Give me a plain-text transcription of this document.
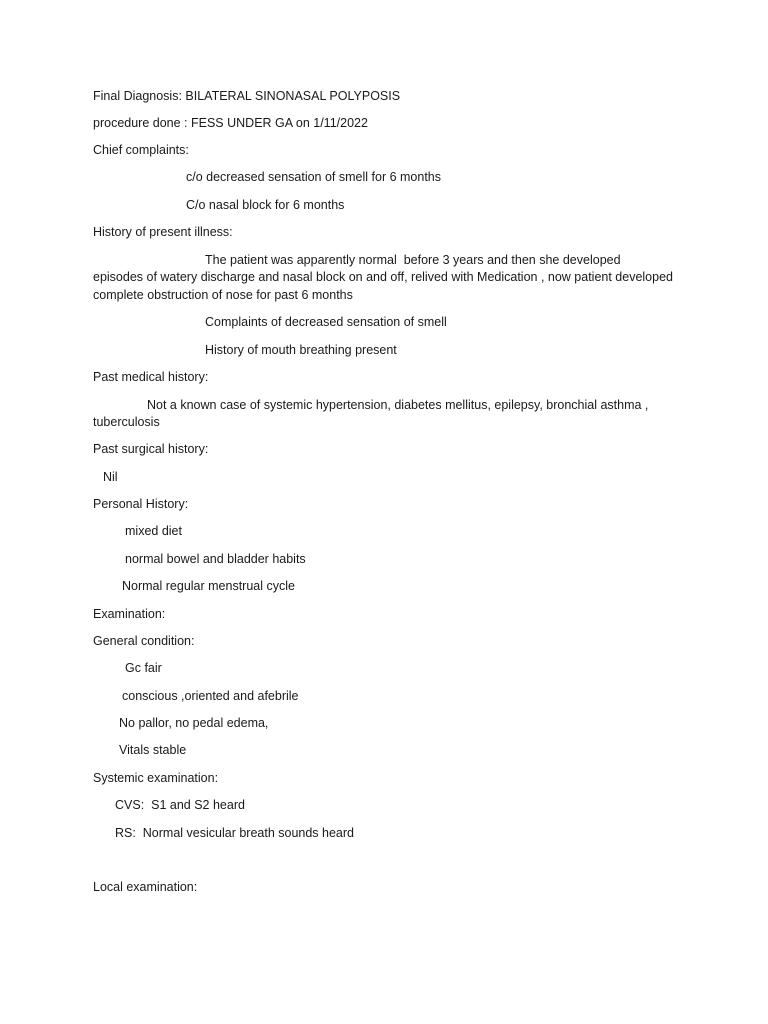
Final Diagnosis: BILATERAL SINONASAL POLYPOSIS
procedure done : FESS UNDER GA on 1/11/2022
Chief complaints:
c/o decreased sensation of smell for 6 months
C/o nasal block for 6 months
History of present illness:
The patient was apparently normal  before 3 years and then she developed
episodes of watery discharge and nasal block on and off, relived with Medication , now patient developed complete obstruction of nose for past 6 months
Complaints of decreased sensation of smell
History of mouth breathing present
Past medical history:
Not a known case of systemic hypertension, diabetes mellitus, epilepsy, bronchial asthma ,
tuberculosis
Past surgical history:
Nil
Personal History:
mixed diet
normal bowel and bladder habits
Normal regular menstrual cycle
Examination:
General condition:
Gc fair
conscious ,oriented and afebrile
No pallor, no pedal edema,
Vitals stable
Systemic examination:
CVS:  S1 and S2 heard
RS:  Normal vesicular breath sounds heard
Local examination:
